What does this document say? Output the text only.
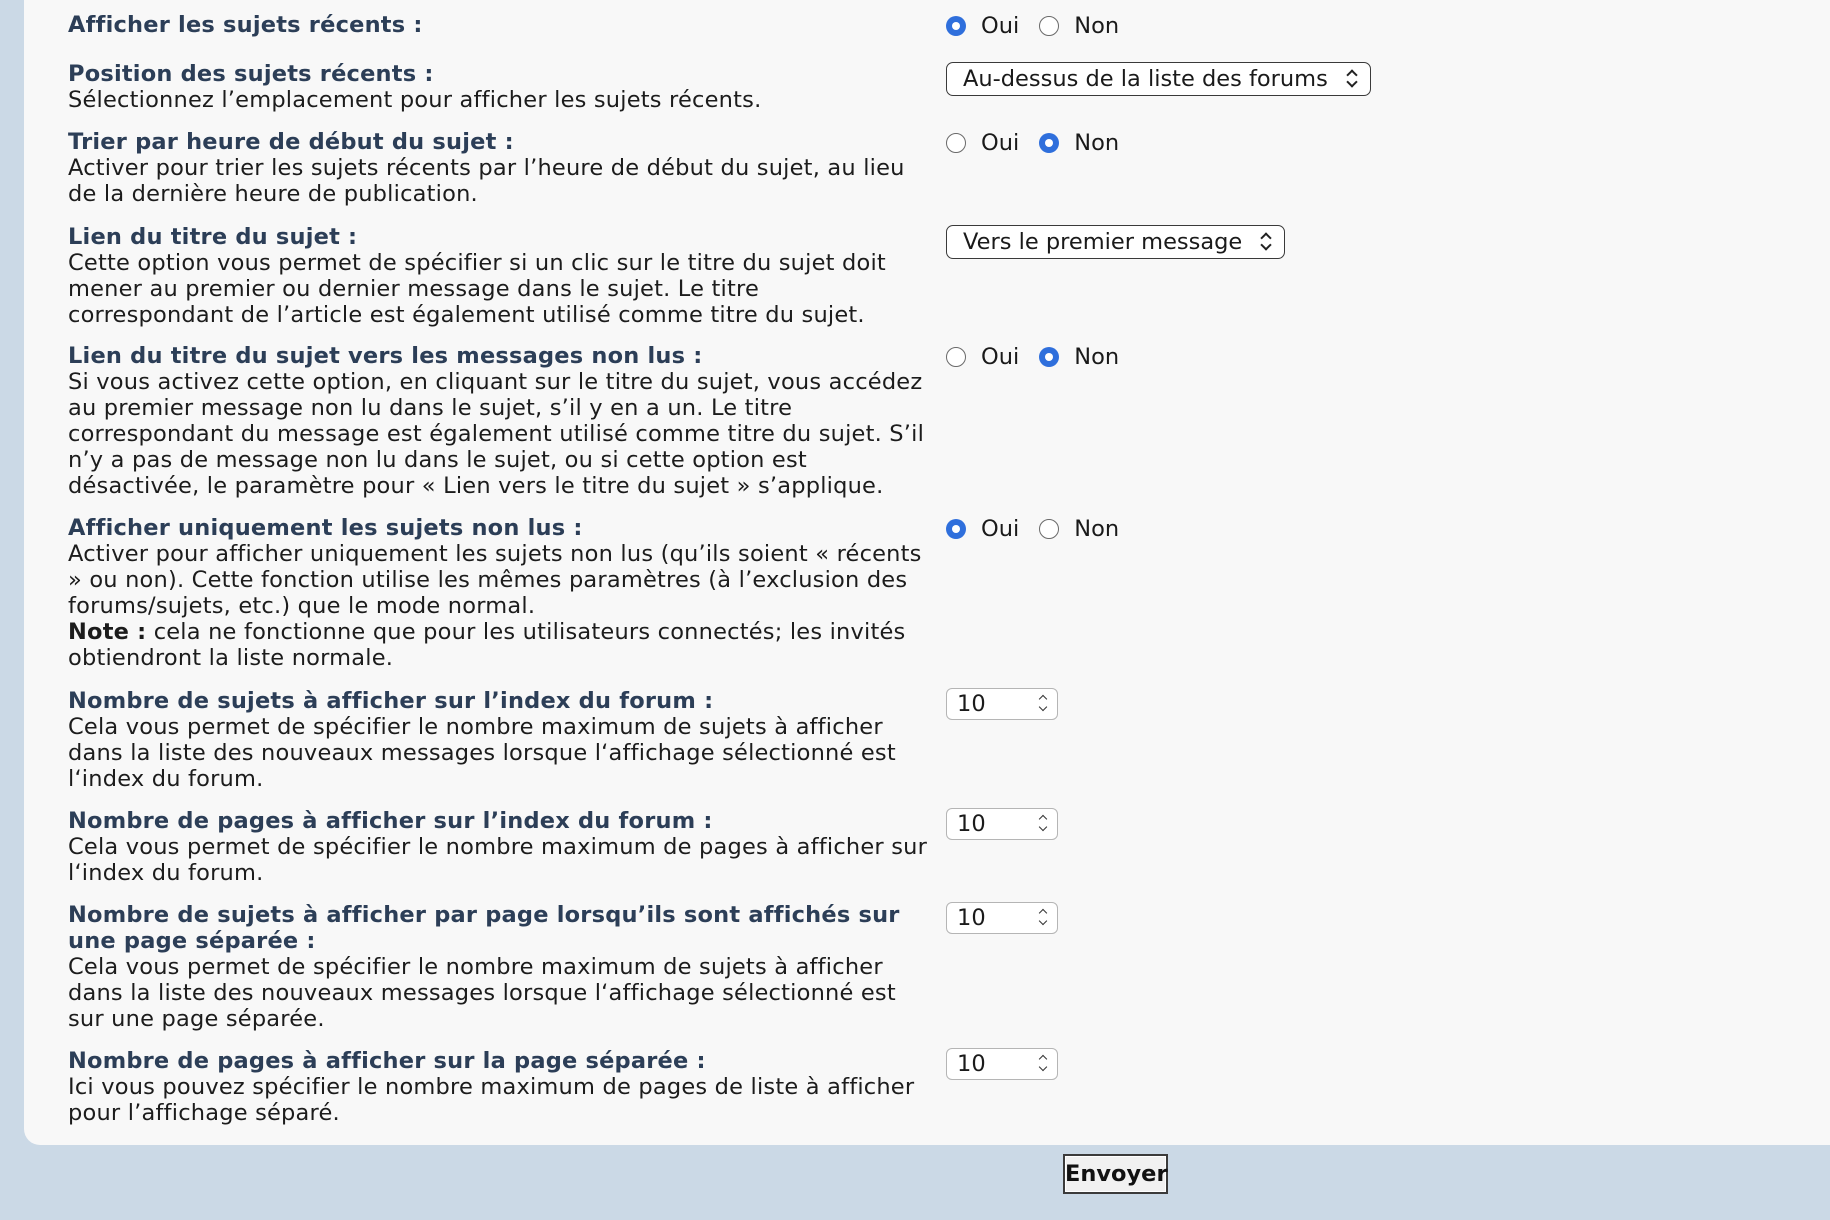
Afficher les sujets récents :	Oui Non
Position des sujets récents :
Sélectionnez l’emplacement pour afficher les sujets récents.
Au-dessus de la liste des forums
Trier par heure de début du sujet :
Activer pour trier les sujets récents par l’heure de début du sujet, au lieu de la dernière heure de publication.
Oui Non
Lien du titre du sujet :
Cette option vous permet de spécifier si un clic sur le titre du sujet doit mener au premier ou dernier message dans le sujet. Le titre correspondant de l’article est également utilisé comme titre du sujet.
Vers le premier message
Lien du titre du sujet vers les messages non lus :
Si vous activez cette option, en cliquant sur le titre du sujet, vous accédez au premier message non lu dans le sujet, s’il y en a un. Le titre correspondant du message est également utilisé comme titre du sujet. S’il n’y a pas de message non lu dans le sujet, ou si cette option est désactivée, le paramètre pour « Lien vers le titre du sujet » s’applique.
Oui Non
Afficher uniquement les sujets non lus :
Activer pour afficher uniquement les sujets non lus (qu’ils soient « récents » ou non). Cette fonction utilise les mêmes paramètres (à l’exclusion des forums/sujets, etc.) que le mode normal.
Note : cela ne fonctionne que pour les utilisateurs connectés; les invités obtiendront la liste normale.
Oui Non
Nombre de sujets à afficher sur l’index du forum :
Cela vous permet de spécifier le nombre maximum de sujets à afficher dans la liste des nouveaux messages lorsque l‘affichage sélectionné est l‘index du forum.
10
Nombre de pages à afficher sur l’index du forum :
Cela vous permet de spécifier le nombre maximum de pages à afficher sur l‘index du forum.
10
Nombre de sujets à afficher par page lorsqu’ils sont affichés sur une page séparée :
Cela vous permet de spécifier le nombre maximum de sujets à afficher dans la liste des nouveaux messages lorsque l‘affichage sélectionné est sur une page séparée.
10
Nombre de pages à afficher sur la page séparée :
Ici vous pouvez spécifier le nombre maximum de pages de liste à afficher pour l’affichage séparé.
10
Envoyer
